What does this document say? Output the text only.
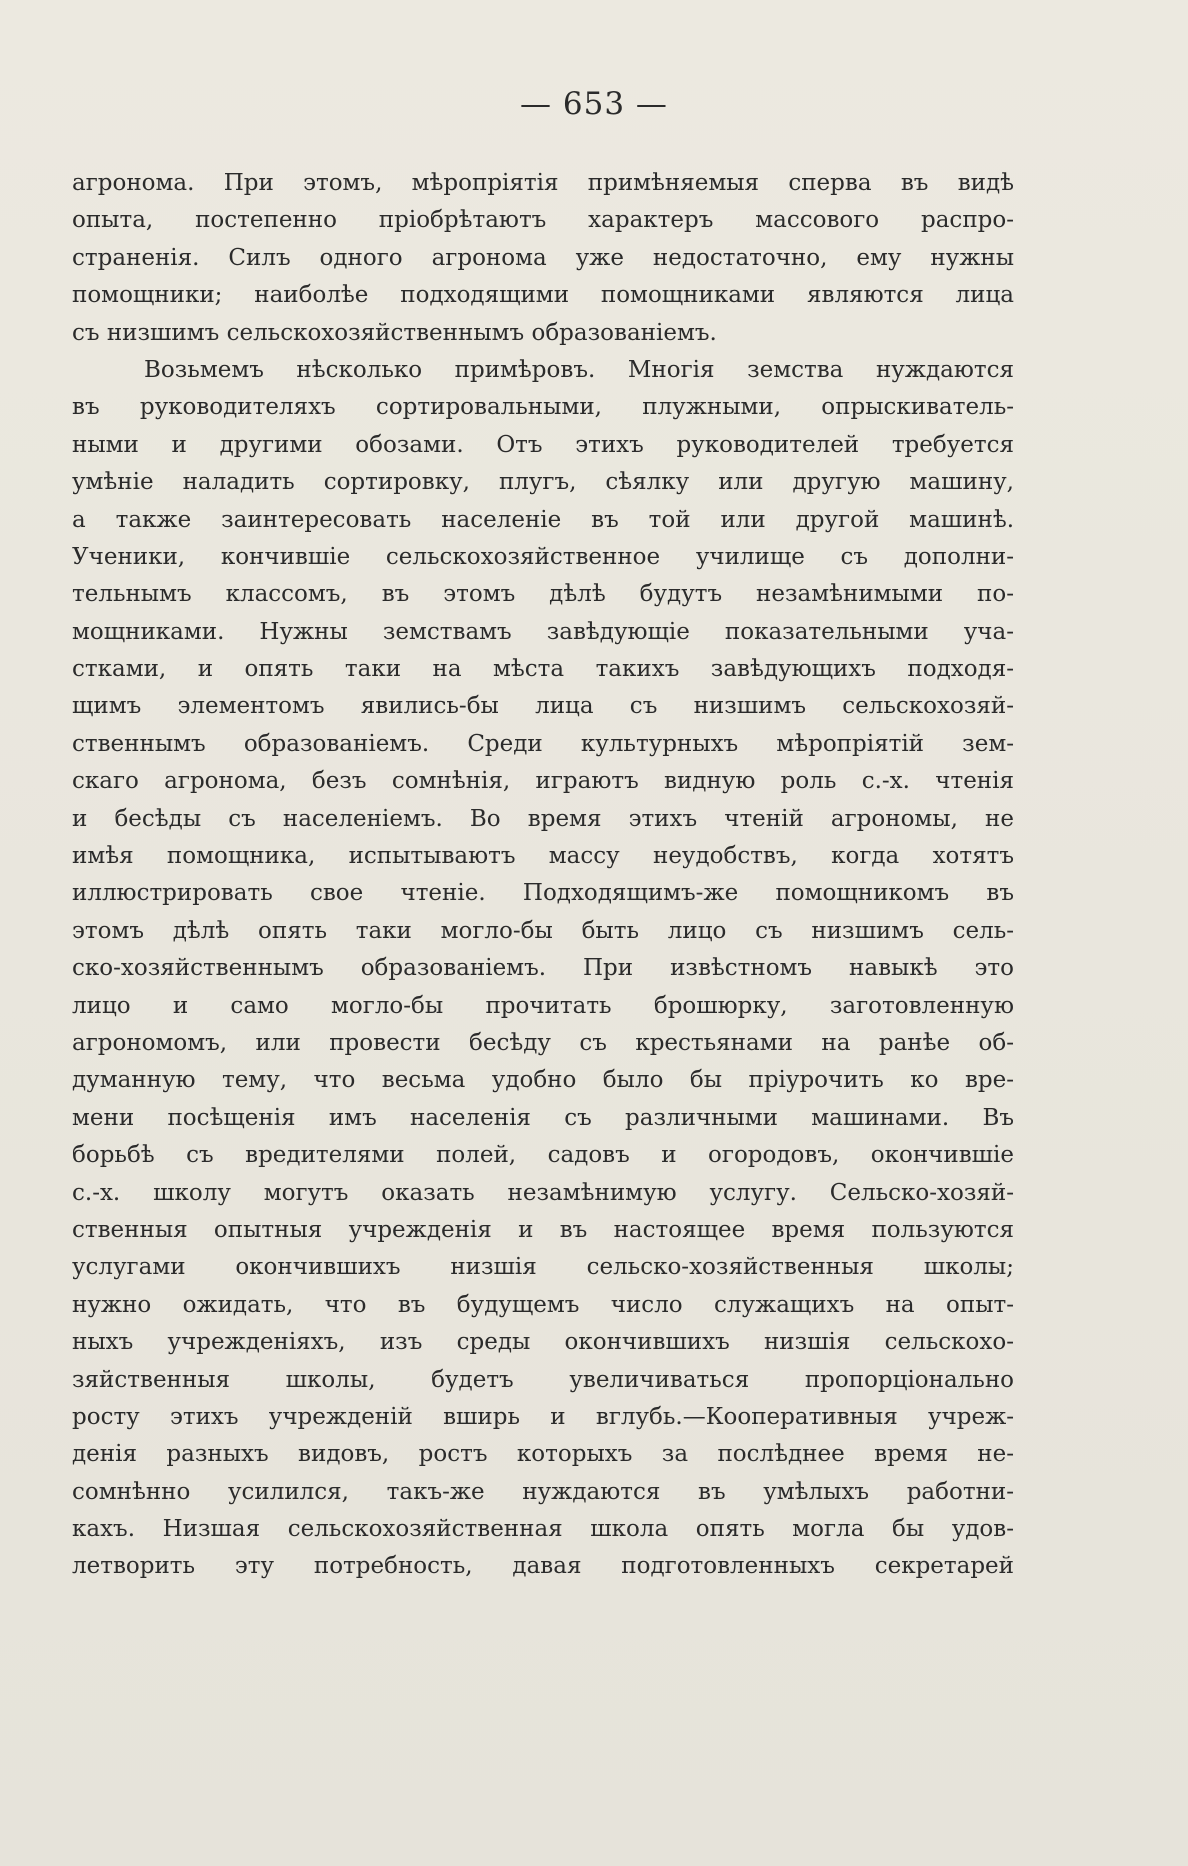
— 653 —
агронома. При этомъ, мѣропріятія примѣняемыя сперва въ видѣ
опыта, постепенно пріобрѣтаютъ характеръ массового распро-
страненія. Силъ одного агронома уже недостаточно, ему нужны
помощники; наиболѣе подходящими помощниками являются лица
съ низшимъ сельскохозяйственнымъ образованіемъ.
Возьмемъ нѣсколько примѣровъ. Многія земства нуждаются
въ руководителяхъ сортировальными, плужными, опрыскиватель-
ными и другими обозами. Отъ этихъ руководителей требуется
умѣніе наладить сортировку, плугъ, сѣялку или другую машину,
а также заинтересовать населеніе въ той или другой машинѣ.
Ученики, кончившіе сельскохозяйственное училище съ дополни-
тельнымъ классомъ, въ этомъ дѣлѣ будутъ незамѣнимыми по-
мощниками. Нужны земствамъ завѣдующіе показательными уча-
стками, и опять таки на мѣста такихъ завѣдующихъ подходя-
щимъ элементомъ явились-бы лица съ низшимъ сельскохозяй-
ственнымъ образованіемъ. Среди культурныхъ мѣропріятій зем-
скаго агронома, безъ сомнѣнія, играютъ видную роль с.-х. чтенія
и бесѣды съ населеніемъ. Во время этихъ чтеній агрономы, не
имѣя помощника, испытываютъ массу неудобствъ, когда хотятъ
иллюстрировать свое чтеніе. Подходящимъ-же помощникомъ въ
этомъ дѣлѣ опять таки могло-бы быть лицо съ низшимъ сель-
ско-хозяйственнымъ образованіемъ. При извѣстномъ навыкѣ это
лицо и само могло-бы прочитать брошюрку, заготовленную
агрономомъ, или провести бесѣду съ крестьянами на ранѣе об-
думанную тему, что весьма удобно было бы пріурочить ко вре-
мени посѣщенія имъ населенія съ различными машинами. Въ
борьбѣ съ вредителями полей, садовъ и огородовъ, окончившіе
с.-х. школу могутъ оказать незамѣнимую услугу. Сельско-хозяй-
ственныя опытныя учрежденія и въ настоящее время пользуются
услугами окончившихъ низшія сельско-хозяйственныя школы;
нужно ожидать, что въ будущемъ число служащихъ на опыт-
ныхъ учрежденіяхъ, изъ среды окончившихъ низшія сельскохо-
зяйственныя школы, будетъ увеличиваться пропорціонально
росту этихъ учрежденій вширь и вглубь.—Кооперативныя учреж-
денія разныхъ видовъ, ростъ которыхъ за послѣднее время не-
сомнѣнно усилился, такъ-же нуждаются въ умѣлыхъ работни-
кахъ. Низшая сельскохозяйственная школа опять могла бы удов-
летворить эту потребность, давая подготовленныхъ секретарей
